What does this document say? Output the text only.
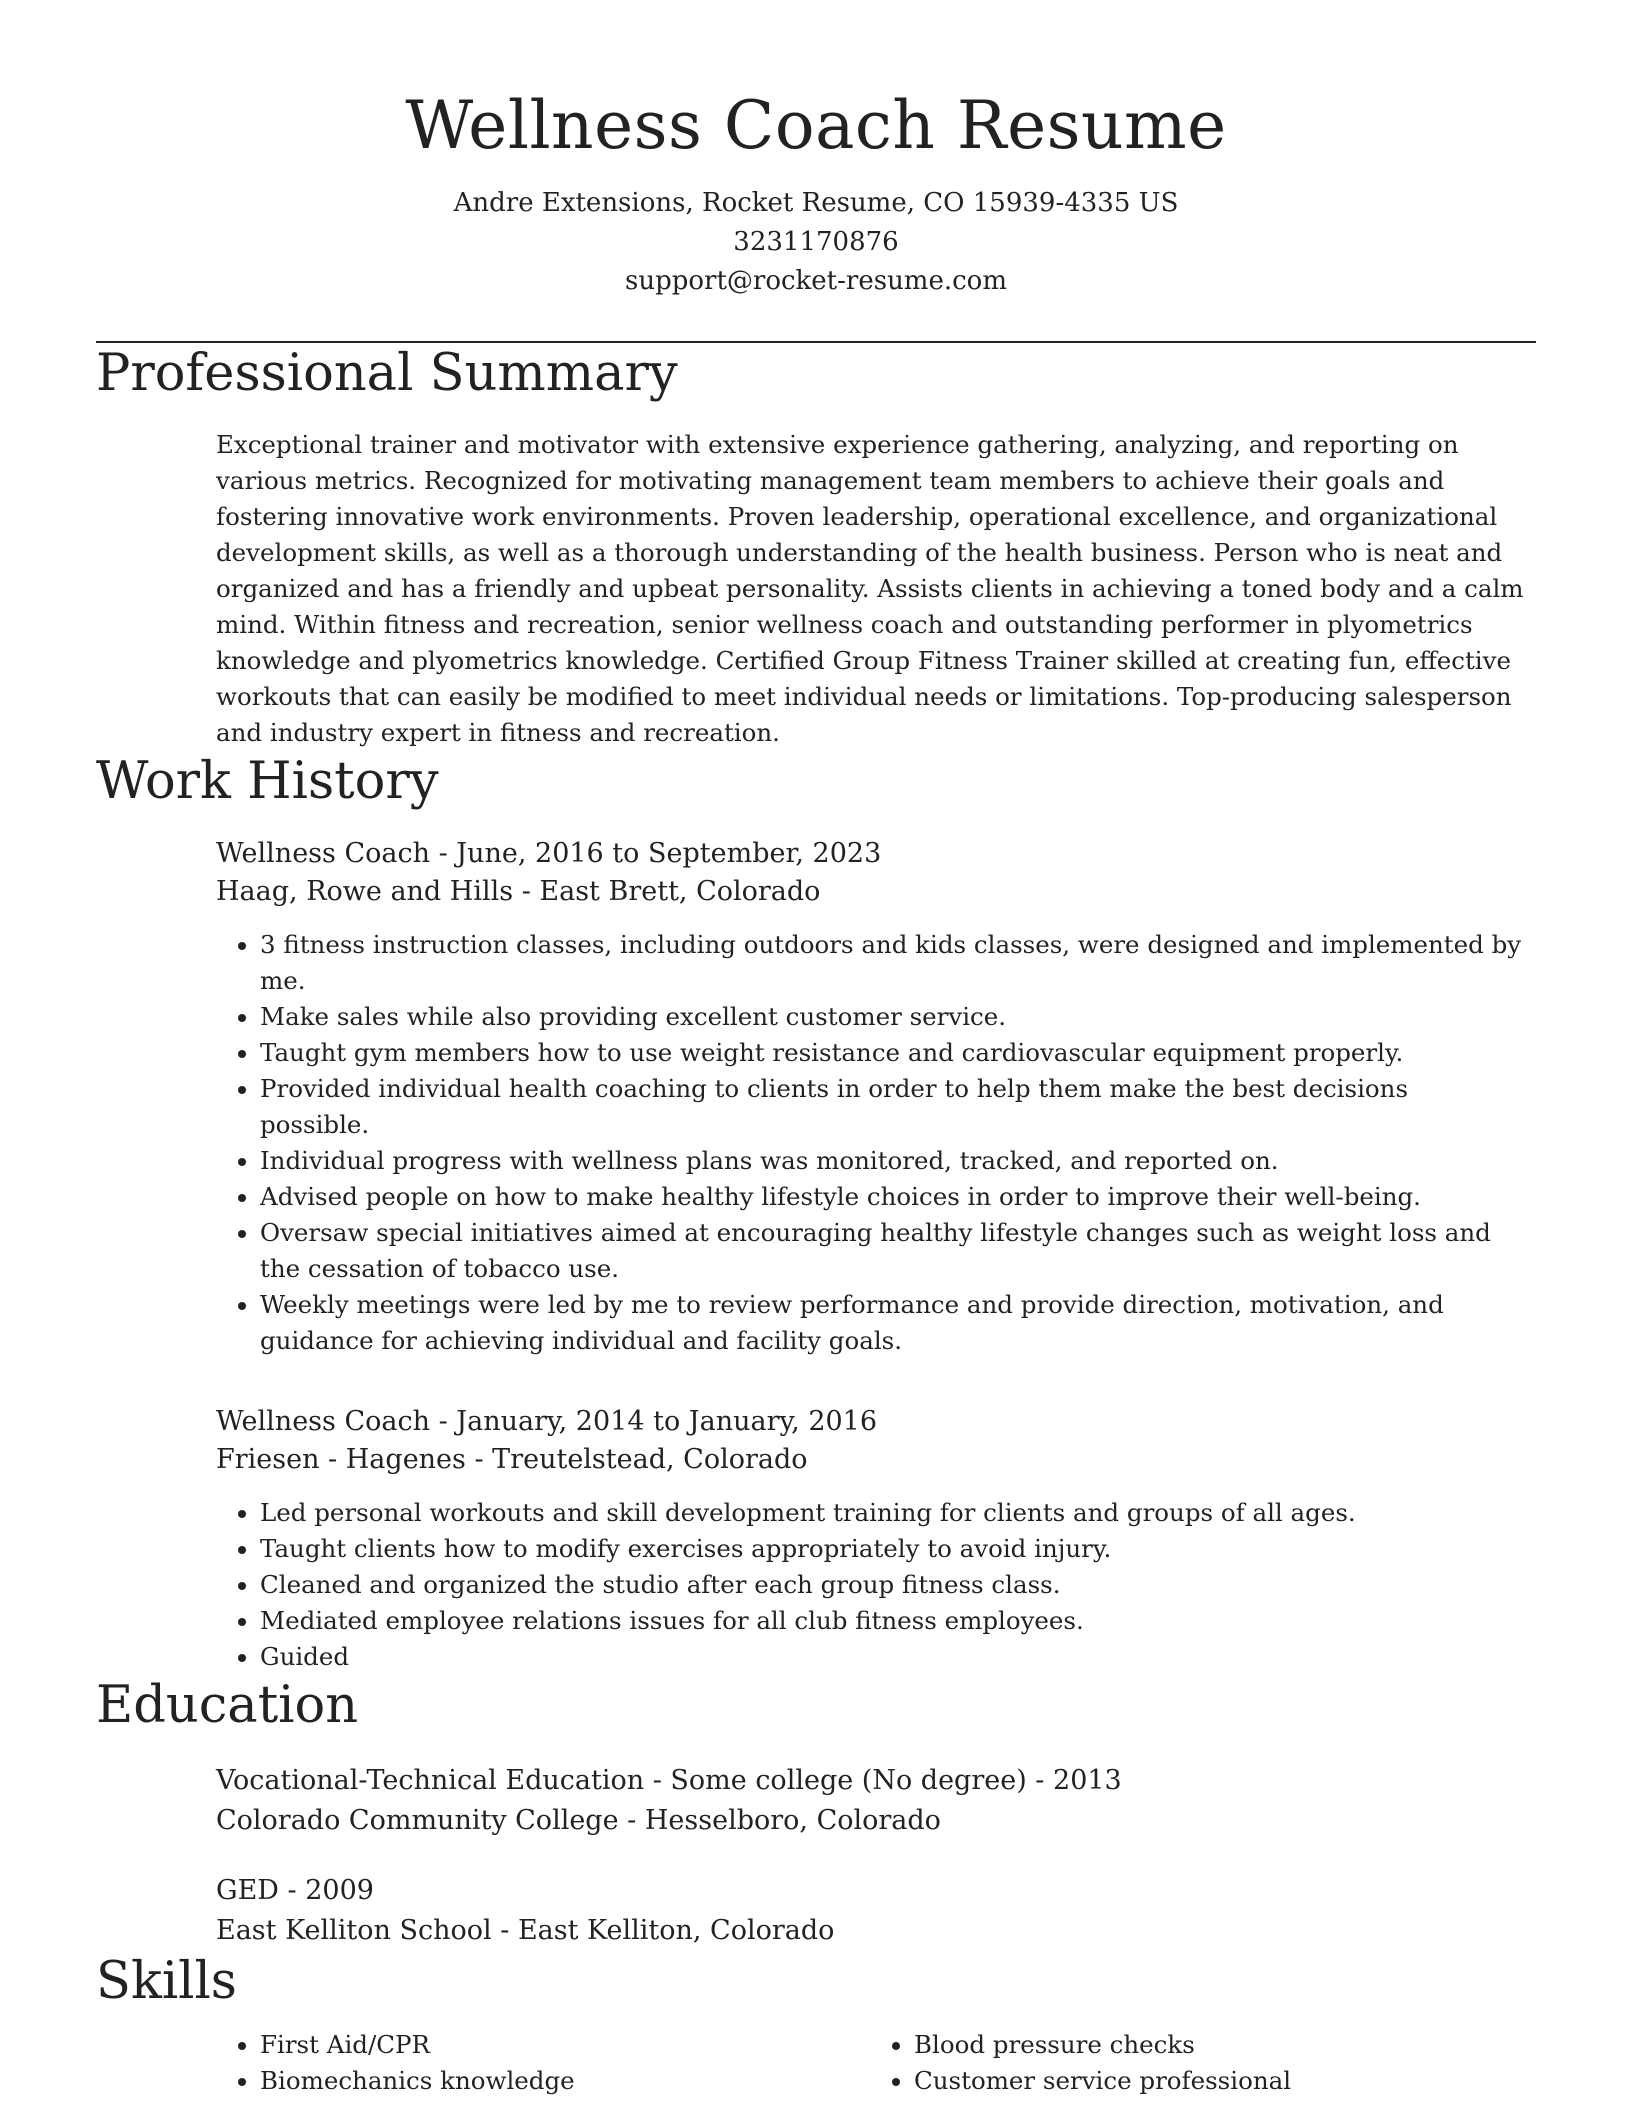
Wellness Coach Resume
Andre Extensions, Rocket Resume, CO 15939-4335 US
3231170876
support@rocket-resume.com
Professional Summary
Exceptional trainer and motivator with extensive experience gathering, analyzing, and reporting on various metrics. Recognized for motivating management team members to achieve their goals and fostering innovative work environments. Proven leadership, operational excellence, and organizational development skills, as well as a thorough understanding of the health business. Person who is neat and organized and has a friendly and upbeat personality. Assists clients in achieving a toned body and a calm mind. Within fitness and recreation, senior wellness coach and outstanding performer in plyometrics knowledge and plyometrics knowledge. Certified Group Fitness Trainer skilled at creating fun, effective workouts that can easily be modified to meet individual needs or limitations. Top-producing salesperson and industry expert in fitness and recreation.
Work History
Wellness Coach - June, 2016 to September, 2023
Haag, Rowe and Hills - East Brett, Colorado
• 3 fitness instruction classes, including outdoors and kids classes, were designed and implemented by me.
• Make sales while also providing excellent customer service.
• Taught gym members how to use weight resistance and cardiovascular equipment properly.
• Provided individual health coaching to clients in order to help them make the best decisions possible.
• Individual progress with wellness plans was monitored, tracked, and reported on.
• Advised people on how to make healthy lifestyle choices in order to improve their well-being.
• Oversaw special initiatives aimed at encouraging healthy lifestyle changes such as weight loss and the cessation of tobacco use.
• Weekly meetings were led by me to review performance and provide direction, motivation, and guidance for achieving individual and facility goals.
Wellness Coach - January, 2014 to January, 2016
Friesen - Hagenes - Treutelstead, Colorado
• Led personal workouts and skill development training for clients and groups of all ages.
• Taught clients how to modify exercises appropriately to avoid injury.
• Cleaned and organized the studio after each group fitness class.
• Mediated employee relations issues for all club fitness employees.
• Guided
Education
Vocational-Technical Education - Some college (No degree) - 2013
Colorado Community College - Hesselboro, Colorado
GED - 2009
East Kelliton School - East Kelliton, Colorado
Skills
• First Aid/CPR
• Biomechanics knowledge
• Blood pressure checks
• Customer service professional
